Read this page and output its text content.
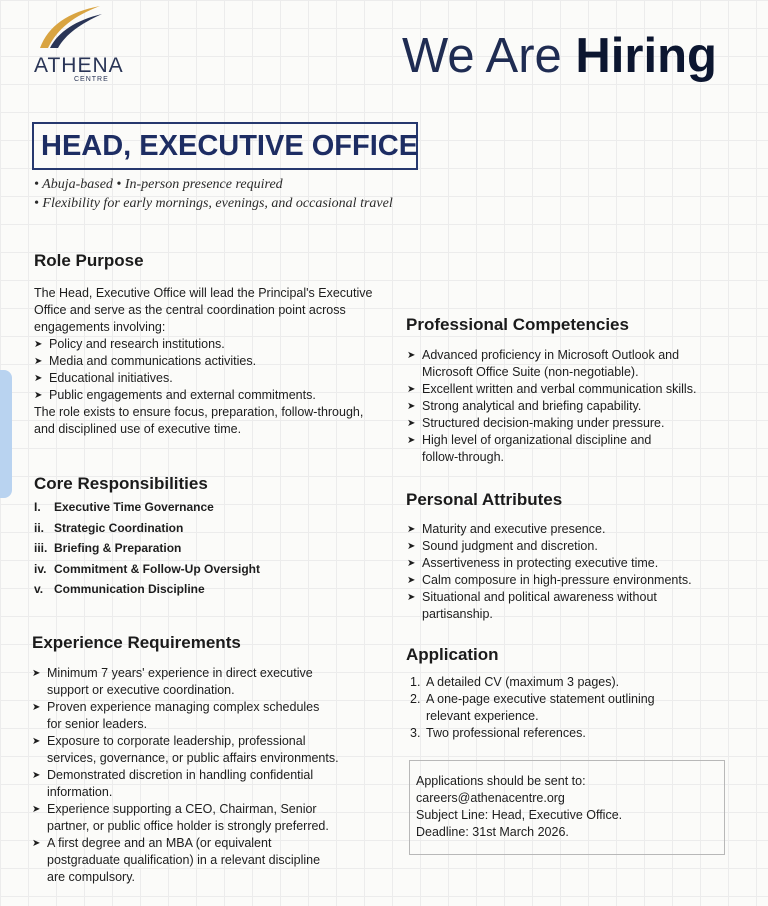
ATHENA
CENTRE	We Are Hiring
HEAD, EXECUTIVE OFFICE
• Abuja-based • In-person presence required
• Flexibility for early mornings, evenings, and occasional travel
Role Purpose
The Head, Executive Office will lead the Principal's Executive Office and serve as the central coordination point across engagements involving:
➤ Policy and research institutions.
➤ Media and communications activities.
➤ Educational initiatives.
➤ Public engagements and external commitments.
The role exists to ensure focus, preparation, follow-through, and disciplined use of executive time.
Core Responsibilities
I. Executive Time Governance
ii. Strategic Coordination
iii. Briefing & Preparation
iv. Commitment & Follow-Up Oversight
v. Communication Discipline
Experience Requirements
➤ Minimum 7 years' experience in direct executive
support or executive coordination.
➤ Proven experience managing complex schedules
for senior leaders.
➤ Exposure to corporate leadership, professional
services, governance, or public affairs environments.
➤ Demonstrated discretion in handling confidential
information.
➤ Experience supporting a CEO, Chairman, Senior
partner, or public office holder is strongly preferred.
➤ A first degree and an MBA (or equivalent
postgraduate qualification) in a relevant discipline
are compulsory.
Professional Competencies
➤ Advanced proficiency in Microsoft Outlook and
Microsoft Office Suite (non-negotiable).
➤ Excellent written and verbal communication skills.
➤ Strong analytical and briefing capability.
➤ Structured decision-making under pressure.
➤ High level of organizational discipline and
follow-through.
Personal Attributes
➤ Maturity and executive presence.
➤ Sound judgment and discretion.
➤ Assertiveness in protecting executive time.
➤ Calm composure in high-pressure environments.
➤ Situational and political awareness without
partisanship.
Application
1. A detailed CV (maximum 3 pages).
2. A one-page executive statement outlining
relevant experience.
3. Two professional references.
Applications should be sent to:
careers@athenacentre.org
Subject Line: Head, Executive Office.
Deadline: 31st March 2026.
